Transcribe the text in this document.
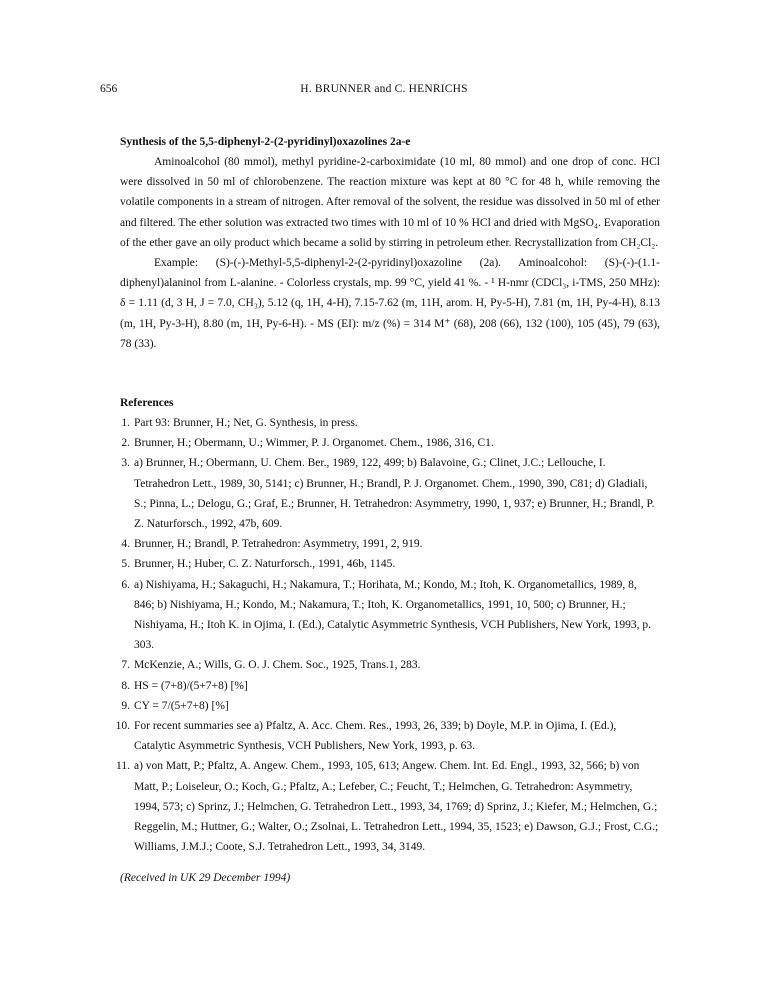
656	H. BRUNNER and C. HENRICHS
Synthesis of the 5,5-diphenyl-2-(2-pyridinyl)oxazolines 2a-e

Aminoalcohol (80 mmol), methyl pyridine-2-carboximidate (10 ml, 80 mmol) and one drop of conc. HCl were dissolved in 50 ml of chlorobenzene. The reaction mixture was kept at 80 °C for 48 h, while removing the volatile components in a stream of nitrogen. After removal of the solvent, the residue was dissolved in 50 ml of ether and filtered. The ether solution was extracted two times with 10 ml of 10 % HCl and dried with MgSO₄. Evaporation of the ether gave an oily product which became a solid by stirring in petroleum ether. Recrystallization from CH₂Cl₂.

Example: (S)-(-)-Methyl-5,5-diphenyl-2-(2-pyridinyl)oxazoline (2a). Aminoalcohol: (S)-(-)-(1.1-diphenyl)alaninol from L-alanine. - Colorless crystals, mp. 99 °C, yield 41 %. - ¹ H-nmr (CDCl₃, i-TMS, 250 MHz): δ = 1.11 (d, 3 H, J = 7.0, CH₃), 5.12 (q, 1H, 4-H), 7.15-7.62 (m, 11H, arom. H, Py-5-H), 7.81 (m, 1H, Py-4-H), 8.13 (m, 1H, Py-3-H), 8.80 (m, 1H, Py-6-H). - MS (EI): m/z (%) = 314 M⁺ (68), 208 (66), 132 (100), 105 (45), 79 (63), 78 (33).

References
1. Part 93: Brunner, H.; Net, G. Synthesis, in press.
2. Brunner, H.; Obermann, U.; Wimmer, P. J. Organomet. Chem., 1986, 316, C1.
3. a) Brunner, H.; Obermann, U. Chem. Ber., 1989, 122, 499; b) Balavoine, G.; Clinet, J.C.; Lellouche, I. Tetrahedron Lett., 1989, 30, 5141; c) Brunner, H.; Brandl, P. J. Organomet. Chem., 1990, 390, C81; d) Gladiali, S.; Pinna, L.; Delogu, G.; Graf, E.; Brunner, H. Tetrahedron: Asymmetry, 1990, 1, 937; e) Brunner, H.; Brandl, P. Z. Naturforsch., 1992, 47b, 609.
4. Brunner, H.; Brandl, P. Tetrahedron: Asymmetry, 1991, 2, 919.
5. Brunner, H.; Huber, C. Z. Naturforsch., 1991, 46b, 1145.
6. a) Nishiyama, H.; Sakaguchi, H.; Nakamura, T.; Horihata, M.; Kondo, M.; Itoh, K. Organometallics, 1989, 8, 846; b) Nishiyama, H.; Kondo, M.; Nakamura, T.; Itoh, K. Organometallics, 1991, 10, 500; c) Brunner, H.; Nishiyama, H.; Itoh K. in Ojima, I. (Ed.), Catalytic Asymmetric Synthesis, VCH Publishers, New York, 1993, p. 303.
7. McKenzie, A.; Wills, G. O. J. Chem. Soc., 1925, Trans.1, 283.
8. HS = (7+8)/(5+7+8) [%]
9. CY = 7/(5+7+8) [%]
10. For recent summaries see a) Pfaltz, A. Acc. Chem. Res., 1993, 26, 339; b) Doyle, M.P. in Ojima, I. (Ed.), Catalytic Asymmetric Synthesis, VCH Publishers, New York, 1993, p. 63.
11. a) von Matt, P.; Pfaltz, A. Angew. Chem., 1993, 105, 613; Angew. Chem. Int. Ed. Engl., 1993, 32, 566; b) von Matt, P.; Loiseleur, O.; Koch, G.; Pfaltz, A.; Lefeber, C.; Feucht, T.; Helmchen, G. Tetrahedron: Asymmetry, 1994, 573; c) Sprinz, J.; Helmchen, G. Tetrahedron Lett., 1993, 34, 1769; d) Sprinz, J.; Kiefer, M.; Helmchen, G.; Reggelin, M.; Huttner, G.; Walter, O.; Zsolnai, L. Tetrahedron Lett., 1994, 35, 1523; e) Dawson, G.J.; Frost, C.G.; Williams, J.M.J.; Coote, S.J. Tetrahedron Lett., 1993, 34, 3149.
(Received in UK 29 December 1994)
